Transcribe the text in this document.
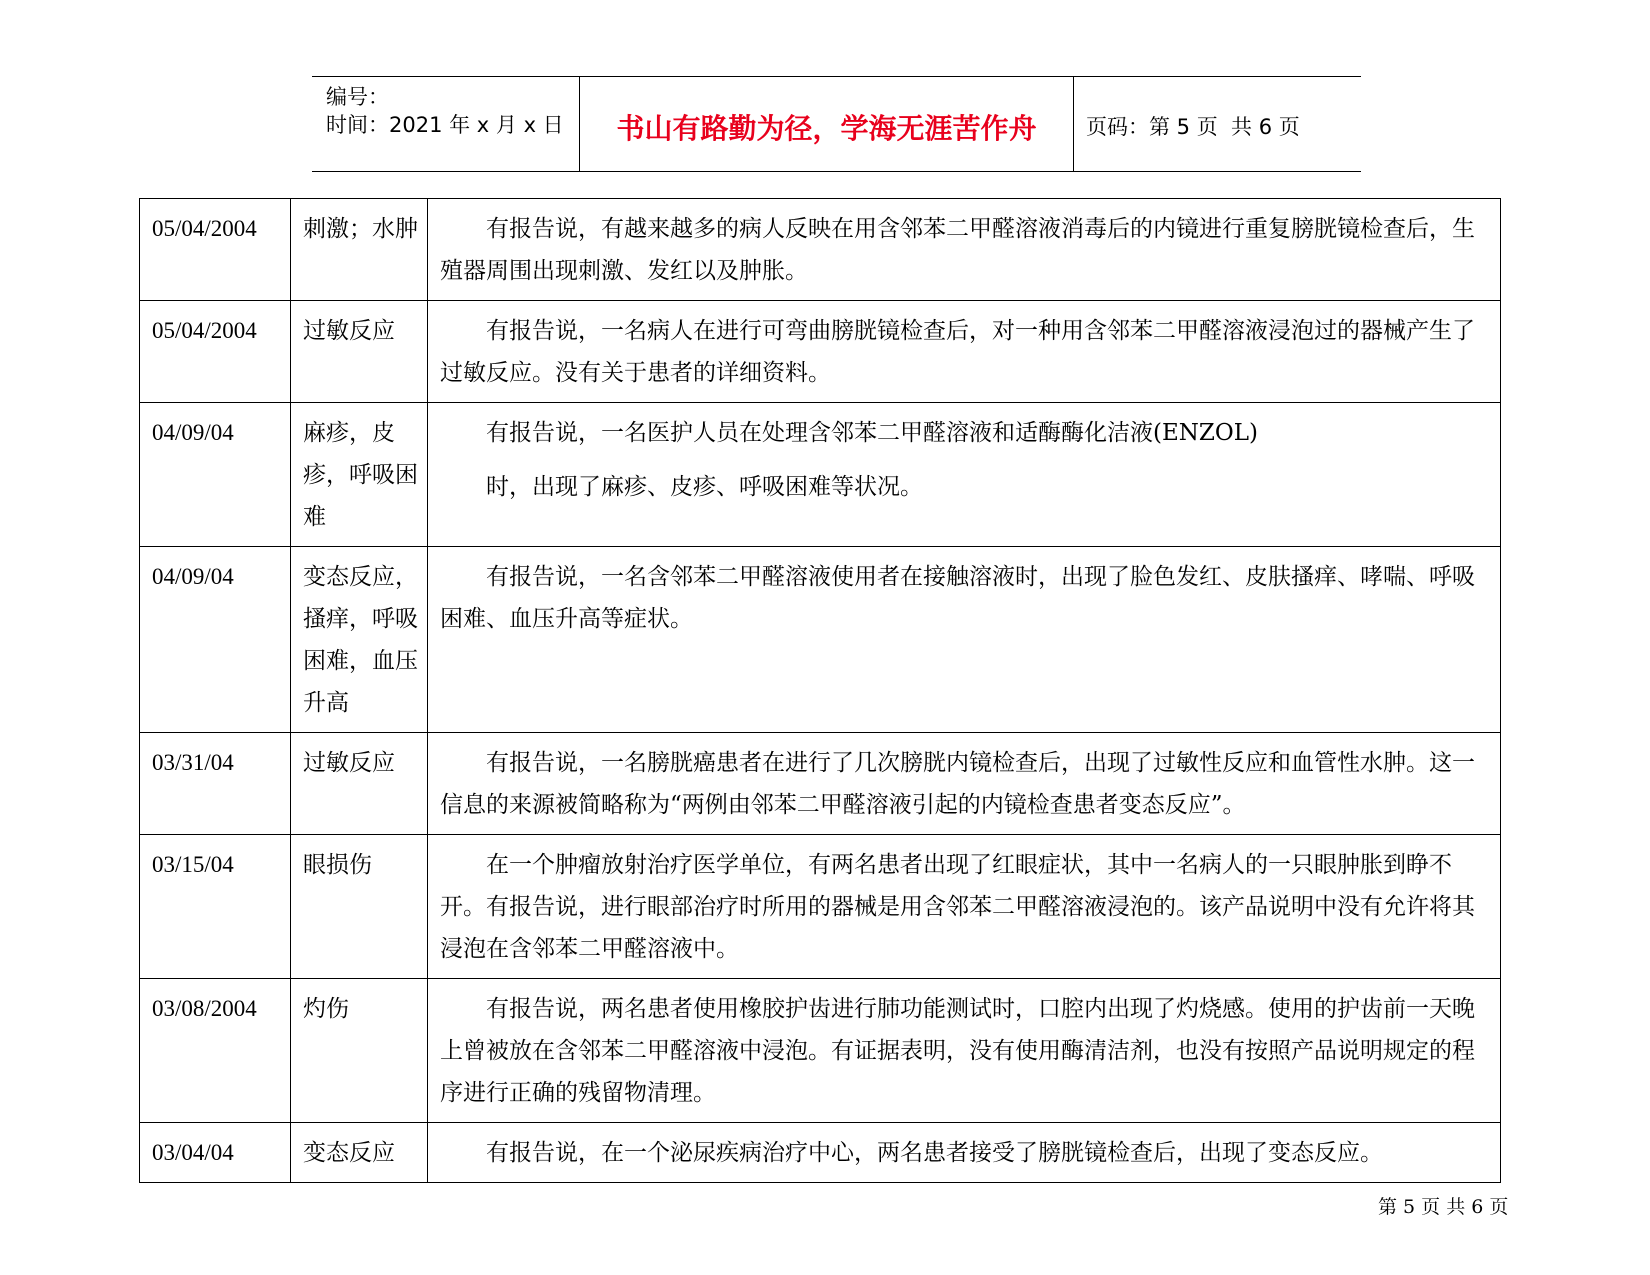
编号：
时间：2021 年 x 月 x 日	书山有路勤为径，学海无涯苦作舟	页码：第 5 页  共 6 页
05/04/2004	刺激；水肿	有报告说，有越来越多的病人反映在用含邻苯二甲醛溶液消毒后的内镜进行重复膀胱镜检查后，生殖器周围出现刺激、发红以及肿胀。

05/04/2004	过敏反应	有报告说，一名病人在进行可弯曲膀胱镜检查后，对一种用含邻苯二甲醛溶液浸泡过的器械产生了过敏反应。没有关于患者的详细资料。

04/09/04	麻疹，皮疹，呼吸困难	有报告说，一名医护人员在处理含邻苯二甲醛溶液和适酶酶化洁液(ENZOL)
时，出现了麻疹、皮疹、呼吸困难等状况。

04/09/04	变态反应，搔痒，呼吸困难，血压升高	有报告说，一名含邻苯二甲醛溶液使用者在接触溶液时，出现了脸色发红、皮肤搔痒、哮喘、呼吸困难、血压升高等症状。

03/31/04	过敏反应	有报告说，一名膀胱癌患者在进行了几次膀胱内镜检查后，出现了过敏性反应和血管性水肿。这一信息的来源被简略称为“两例由邻苯二甲醛溶液引起的内镜检查患者变态反应”。

03/15/04	眼损伤	在一个肿瘤放射治疗医学单位，有两名患者出现了红眼症状，其中一名病人的一只眼肿胀到睁不开。有报告说，进行眼部治疗时所用的器械是用含邻苯二甲醛溶液浸泡的。该产品说明中没有允许将其浸泡在含邻苯二甲醛溶液中。

03/08/2004	灼伤	有报告说，两名患者使用橡胶护齿进行肺功能测试时，口腔内出现了灼烧感。使用的护齿前一天晚上曾被放在含邻苯二甲醛溶液中浸泡。有证据表明，没有使用酶清洁剂，也没有按照产品说明规定的程序进行正确的残留物清理。

03/04/04	变态反应	有报告说，在一个泌尿疾病治疗中心，两名患者接受了膀胱镜检查后，出现了变态反应。
第 5 页 共 6 页
